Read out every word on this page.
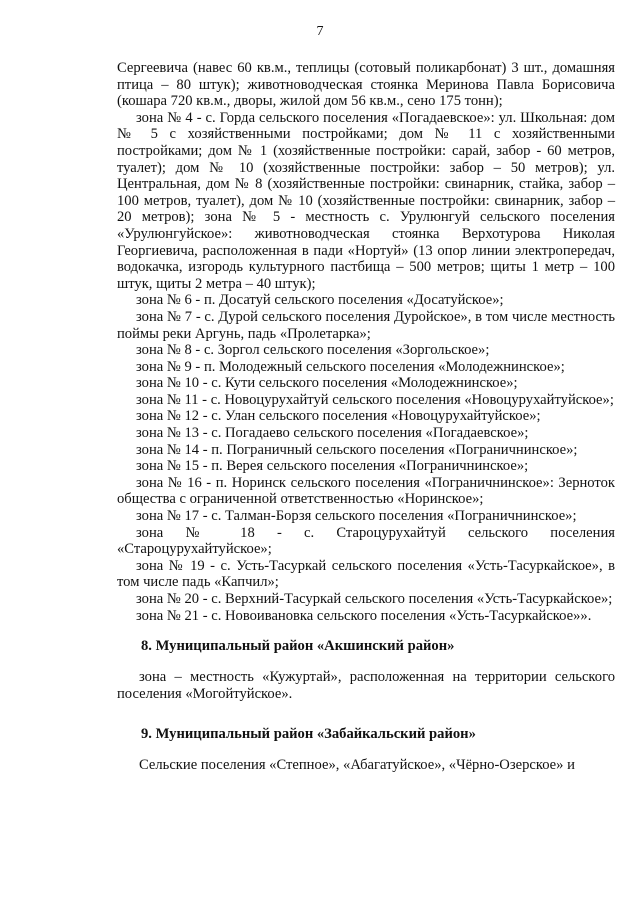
7

Сергеевича (навес 60 кв.м., теплицы (сотовый поликарбонат) 3 шт., домашняя птица – 80 штук); животноводческая стоянка Меринова Павла Борисовича (кошара 720 кв.м., дворы, жилой дом 56 кв.м., сено 175 тонн);

зона № 4 - с. Горда сельского поселения «Погадаевское»: ул. Школьная: дом № 5 с хозяйственными постройками; дом № 11 с хозяйственными постройками; дом № 1 (хозяйственные постройки: сарай, забор - 60 метров, туалет); дом № 10 (хозяйственные постройки: забор – 50 метров); ул. Центральная, дом № 8 (хозяйственные постройки: свинарник, стайка, забор – 100 метров, туалет), дом № 10 (хозяйственные постройки: свинарник, забор – 20 метров); зона № 5 - местность с. Урулюнгуй сельского поселения «Урулюнгуйское»: животноводческая стоянка Верхотурова Николая Георгиевича, расположенная в пади «Нортуй» (13 опор линии электропередач, водокачка, изгородь культурного пастбища – 500 метров; щиты 1 метр – 100 штук, щиты 2 метра – 40 штук);

зона № 6 - п. Досатуй сельского поселения «Досатуйское»;

зона № 7 - с. Дурой сельского поселения Дуройское», в том числе местность поймы реки Аргунь, падь «Пролетарка»;

зона № 8 - с. Зоргол сельского поселения «Зоргольское»;

зона № 9 - п. Молодежный сельского поселения «Молодежнинское»;

зона № 10 - с. Кути сельского поселения «Молодежнинское»;

зона № 11 - с. Новоцурухайтуй сельского поселения «Новоцурухайтуйское»;

зона № 12 - с. Улан сельского поселения «Новоцурухайтуйское»;

зона № 13 - с. Погадаево сельского поселения «Погадаевское»;

зона № 14 - п. Пограничный сельского поселения «Пограничнинское»;

зона № 15 - п. Верея сельского поселения «Пограничнинское»;

зона № 16 - п. Норинск сельского поселения «Пограничнинское»: Зерноток общества с ограниченной ответственностью «Норинское»;

зона № 17 - с. Талман-Борзя сельского поселения «Пограничнинское»;

зона № 18 - с. Староцурухайтуй сельского поселения «Староцурухайтуйское»;

зона № 19 - с. Усть-Тасуркай сельского поселения «Усть-Тасуркайское», в том числе падь «Капчил»;

зона № 20 - с. Верхний-Тасуркай сельского поселения «Усть-Тасуркайское»;

зона № 21 - с. Новоивановка сельского поселения «Усть-Тасуркайское»».

8. Муниципальный район «Акшинский район»

зона – местность «Кужуртай», расположенная на территории сельского поселения «Могойтуйское».

9. Муниципальный район «Забайкальский район»

Сельские поселения «Степное», «Абагатуйское», «Чёрно-Озерское» и
